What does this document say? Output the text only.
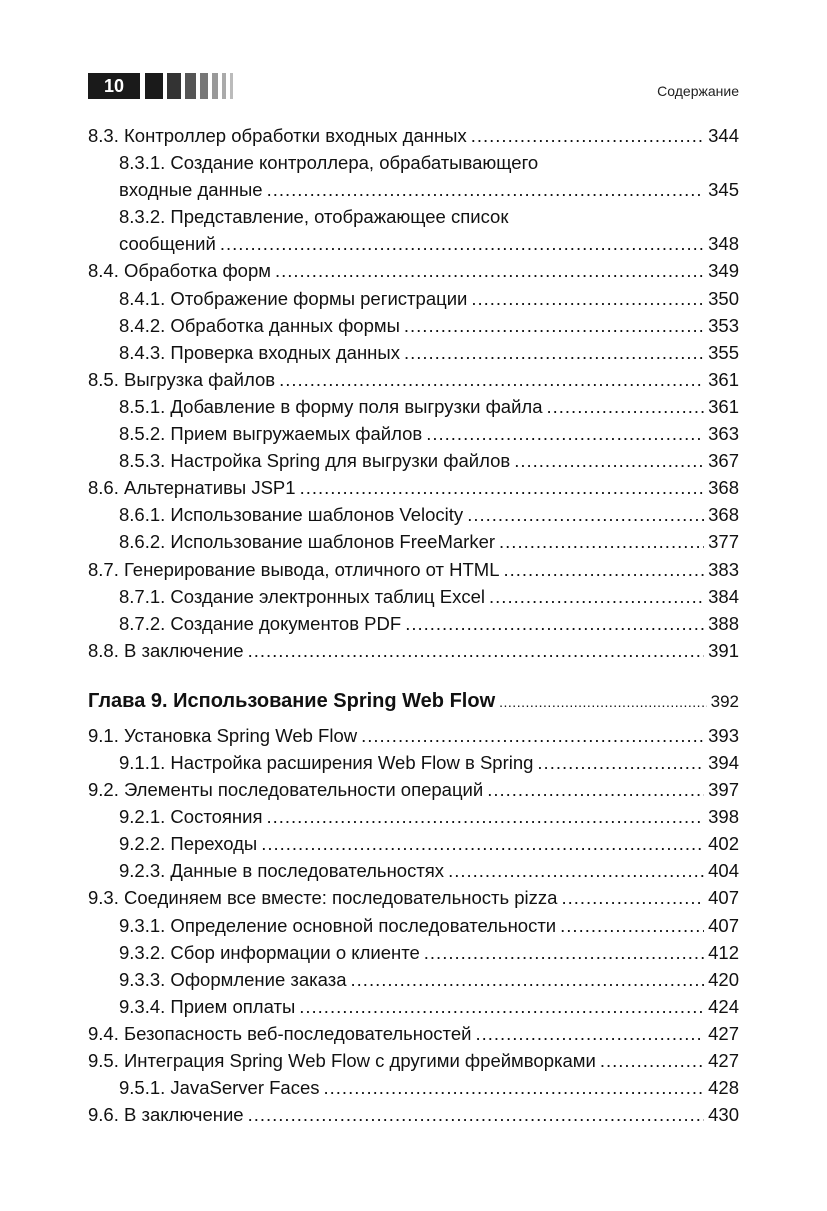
10	Содержание
8.3. Контроллер обработки входных данных .....	344
8.3.1. Создание контроллера, обрабатывающего
входные данные .....	345
8.3.2. Представление, отображающее список
сообщений .....	348
8.4. Обработка форм .....	349
8.4.1. Отображение формы регистрации .....	350
8.4.2. Обработка данных формы .....	353
8.4.3. Проверка входных данных .....	355
8.5. Выгрузка файлов .....	361
8.5.1. Добавление в форму поля выгрузки файла .....	361
8.5.2. Прием выгружаемых файлов .....	363
8.5.3. Настройка Spring для выгрузки файлов .....	367
8.6. Альтернативы JSP1 .....	368
8.6.1. Использование шаблонов Velocity .....	368
8.6.2. Использование шаблонов FreeMarker .....	377
8.7. Генерирование вывода, отличного от HTML .....	383
8.7.1. Создание электронных таблиц Excel .....	384
8.7.2. Создание документов PDF .....	388
8.8. В заключение .....	391
Глава 9. Использование Spring Web Flow .....	392
9.1. Установка Spring Web Flow .....	393
9.1.1. Настройка расширения Web Flow в Spring .....	394
9.2. Элементы последовательности операций .....	397
9.2.1. Состояния .....	398
9.2.2. Переходы .....	402
9.2.3. Данные в последовательностях .....	404
9.3. Соединяем все вместе: последовательность pizza .....	407
9.3.1. Определение основной последовательности .....	407
9.3.2. Сбор информации о клиенте .....	412
9.3.3. Оформление заказа .....	420
9.3.4. Прием оплаты .....	424
9.4. Безопасность веб-последовательностей .....	427
9.5. Интеграция Spring Web Flow с другими фреймворками .....	427
9.5.1. JavaServer Faces .....	428
9.6. В заключение .....	430
